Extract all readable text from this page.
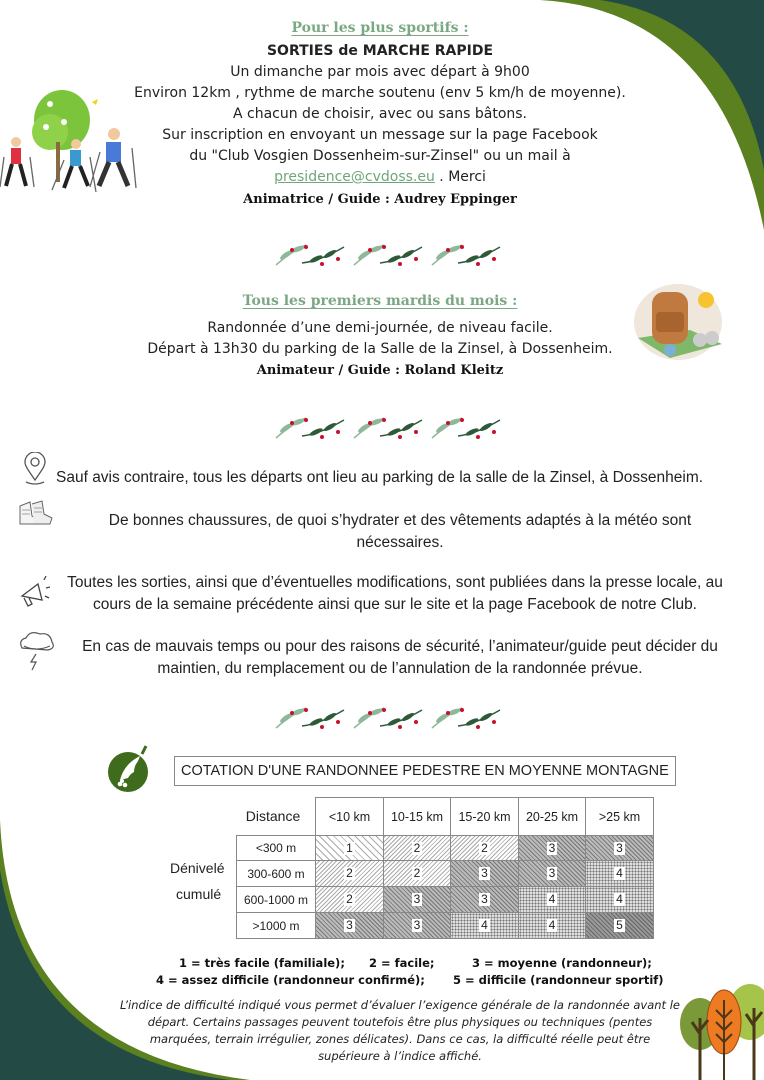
Pour les plus sportifs :
SORTIES de MARCHE RAPIDE
Un dimanche par mois avec départ à 9h00
Environ 12km , rythme de marche soutenu (env 5 km/h de moyenne).
A chacun de choisir, avec ou sans bâtons.
Sur inscription en envoyant un message sur la page Facebook
du "Club Vosgien Dossenheim-sur-Zinsel" ou un mail à
presidence@cvdoss.eu . Merci
Animatrice / Guide : Audrey Eppinger
Tous les premiers mardis du mois :
Randonnée d’une demi-journée, de niveau facile.
Départ à 13h30 du parking de la Salle de la Zinsel, à Dossenheim.
Animateur / Guide : Roland Kleitz
Sauf avis contraire, tous les départs ont lieu au parking de la salle de la Zinsel, à Dossenheim.
De bonnes chaussures, de quoi s’hydrater et des vêtements adaptés à la météo sont
nécessaires.
Toutes les sorties, ainsi que d’éventuelles modifications, sont publiées dans la presse locale, au
cours de la semaine précédente ainsi que sur le site et la page Facebook de notre Club.
En cas de mauvais temps ou pour des raisons de sécurité, l’animateur/guide peut décider du
maintien, du remplacement ou de l’annulation de la randonnée prévue.
COTATION D'UNE RANDONNEE PEDESTRE EN MOYENNE MONTAGNE
Distance
Dénivelé
cumulé
<10 km	10-15 km	15-20 km	20-25 km	>25 km
<300 m	1	2	2	3	3
300-600 m	2	2	3	3	4
600-1000 m	2	3	3	4	4
>1000 m	3	3	4	4	5
1 = très facile (familiale); 2 = facile;	3 = moyenne (randonneur);
4 = assez difficile (randonneur confirmé); 5 = difficile (randonneur sportif)
L’indice de difficulté indiqué vous permet d’évaluer l’exigence générale de la randonnée avant le
départ. Certains passages peuvent toutefois être plus physiques ou techniques (pentes
marquées, terrain irrégulier, zones délicates). Dans ce cas, la difficulté réelle peut être
supérieure à l’indice affiché.
